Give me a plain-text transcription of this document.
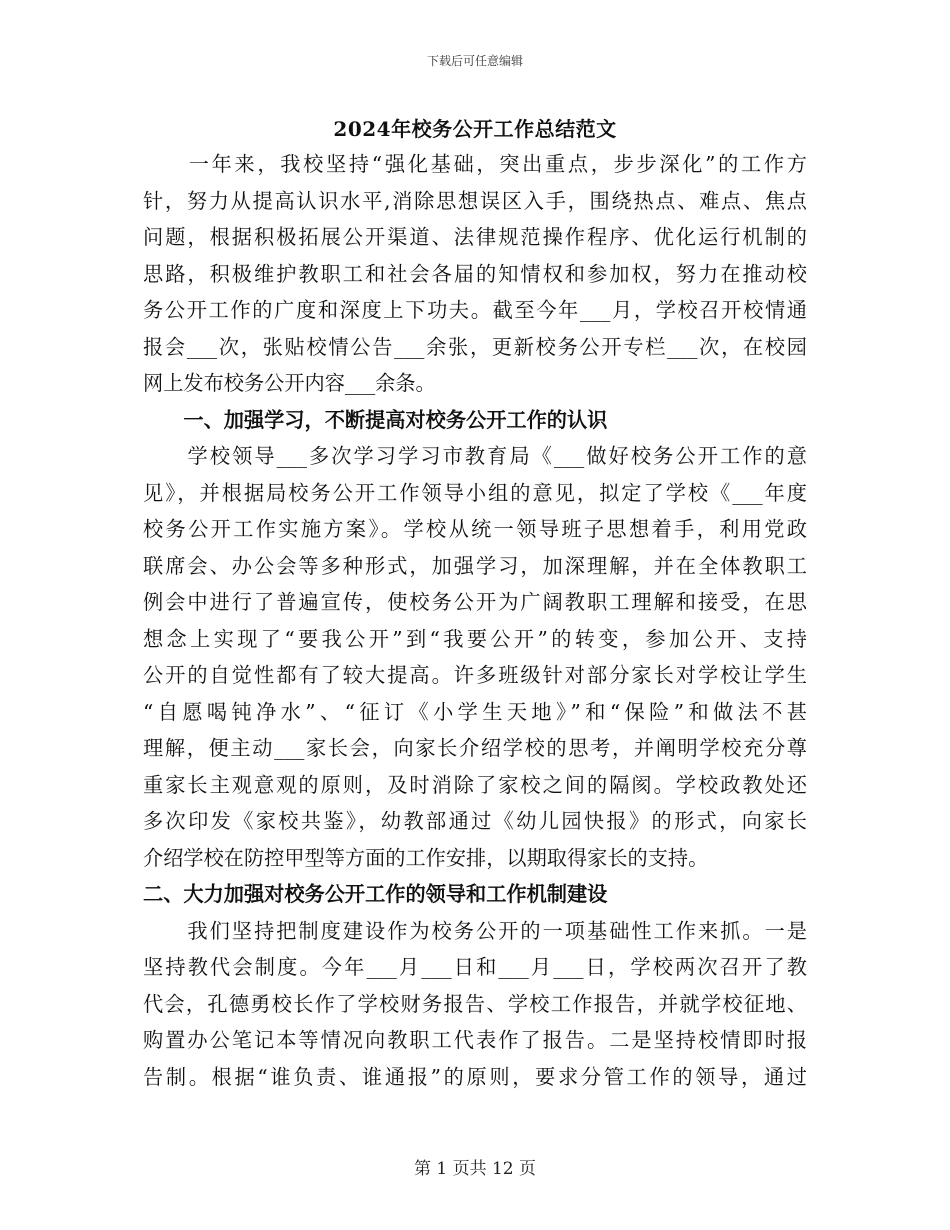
下载后可任意编辑
2024年校务公开工作总结范文
　　一年来，我校坚持“强化基础，突出重点，步步深化”的工作方
针，努力从提高认识水平,消除思想误区入手，围绕热点、难点、焦点
问题，根据积极拓展公开渠道、法律规范操作程序、优化运行机制的
思路，积极维护教职工和社会各届的知情权和参加权，努力在推动校
务公开工作的广度和深度上下功夫。截至今年___月，学校召开校情通
报会___次，张贴校情公告___余张，更新校务公开专栏___次，在校园
网上发布校务公开内容___余条。
　　一、加强学习，不断提高对校务公开工作的认识
　　学校领导___多次学习学习市教育局《___做好校务公开工作的意
见》，并根据局校务公开工作领导小组的意见，拟定了学校《___年度
校务公开工作实施方案》。学校从统一领导班子思想着手，利用党政
联席会、办公会等多种形式，加强学习，加深理解，并在全体教职工
例会中进行了普遍宣传，使校务公开为广阔教职工理解和接受，在思
想念上实现了“要我公开”到“我要公开”的转变，参加公开、支持
公开的自觉性都有了较大提高。许多班级针对部分家长对学校让学生
“自愿喝钝净水”、“征订《小学生天地》”和“保险”和做法不甚
理解，便主动___家长会，向家长介绍学校的思考，并阐明学校充分尊
重家长主观意观的原则，及时消除了家校之间的隔阂。学校政教处还
多次印发《家校共鉴》，幼教部通过《幼儿园快报》的形式，向家长
介绍学校在防控甲型等方面的工作安排，以期取得家长的支持。
二、大力加强对校务公开工作的领导和工作机制建设
　　我们坚持把制度建设作为校务公开的一项基础性工作来抓。一是
坚持教代会制度。今年___月___日和___月___日，学校两次召开了教
代会，孔德勇校长作了学校财务报告、学校工作报告，并就学校征地、
购置办公笔记本等情况向教职工代表作了报告。二是坚持校情即时报
告制。根据“谁负责、谁通报”的原则，要求分管工作的领导，通过
第 1 页共 12 页
